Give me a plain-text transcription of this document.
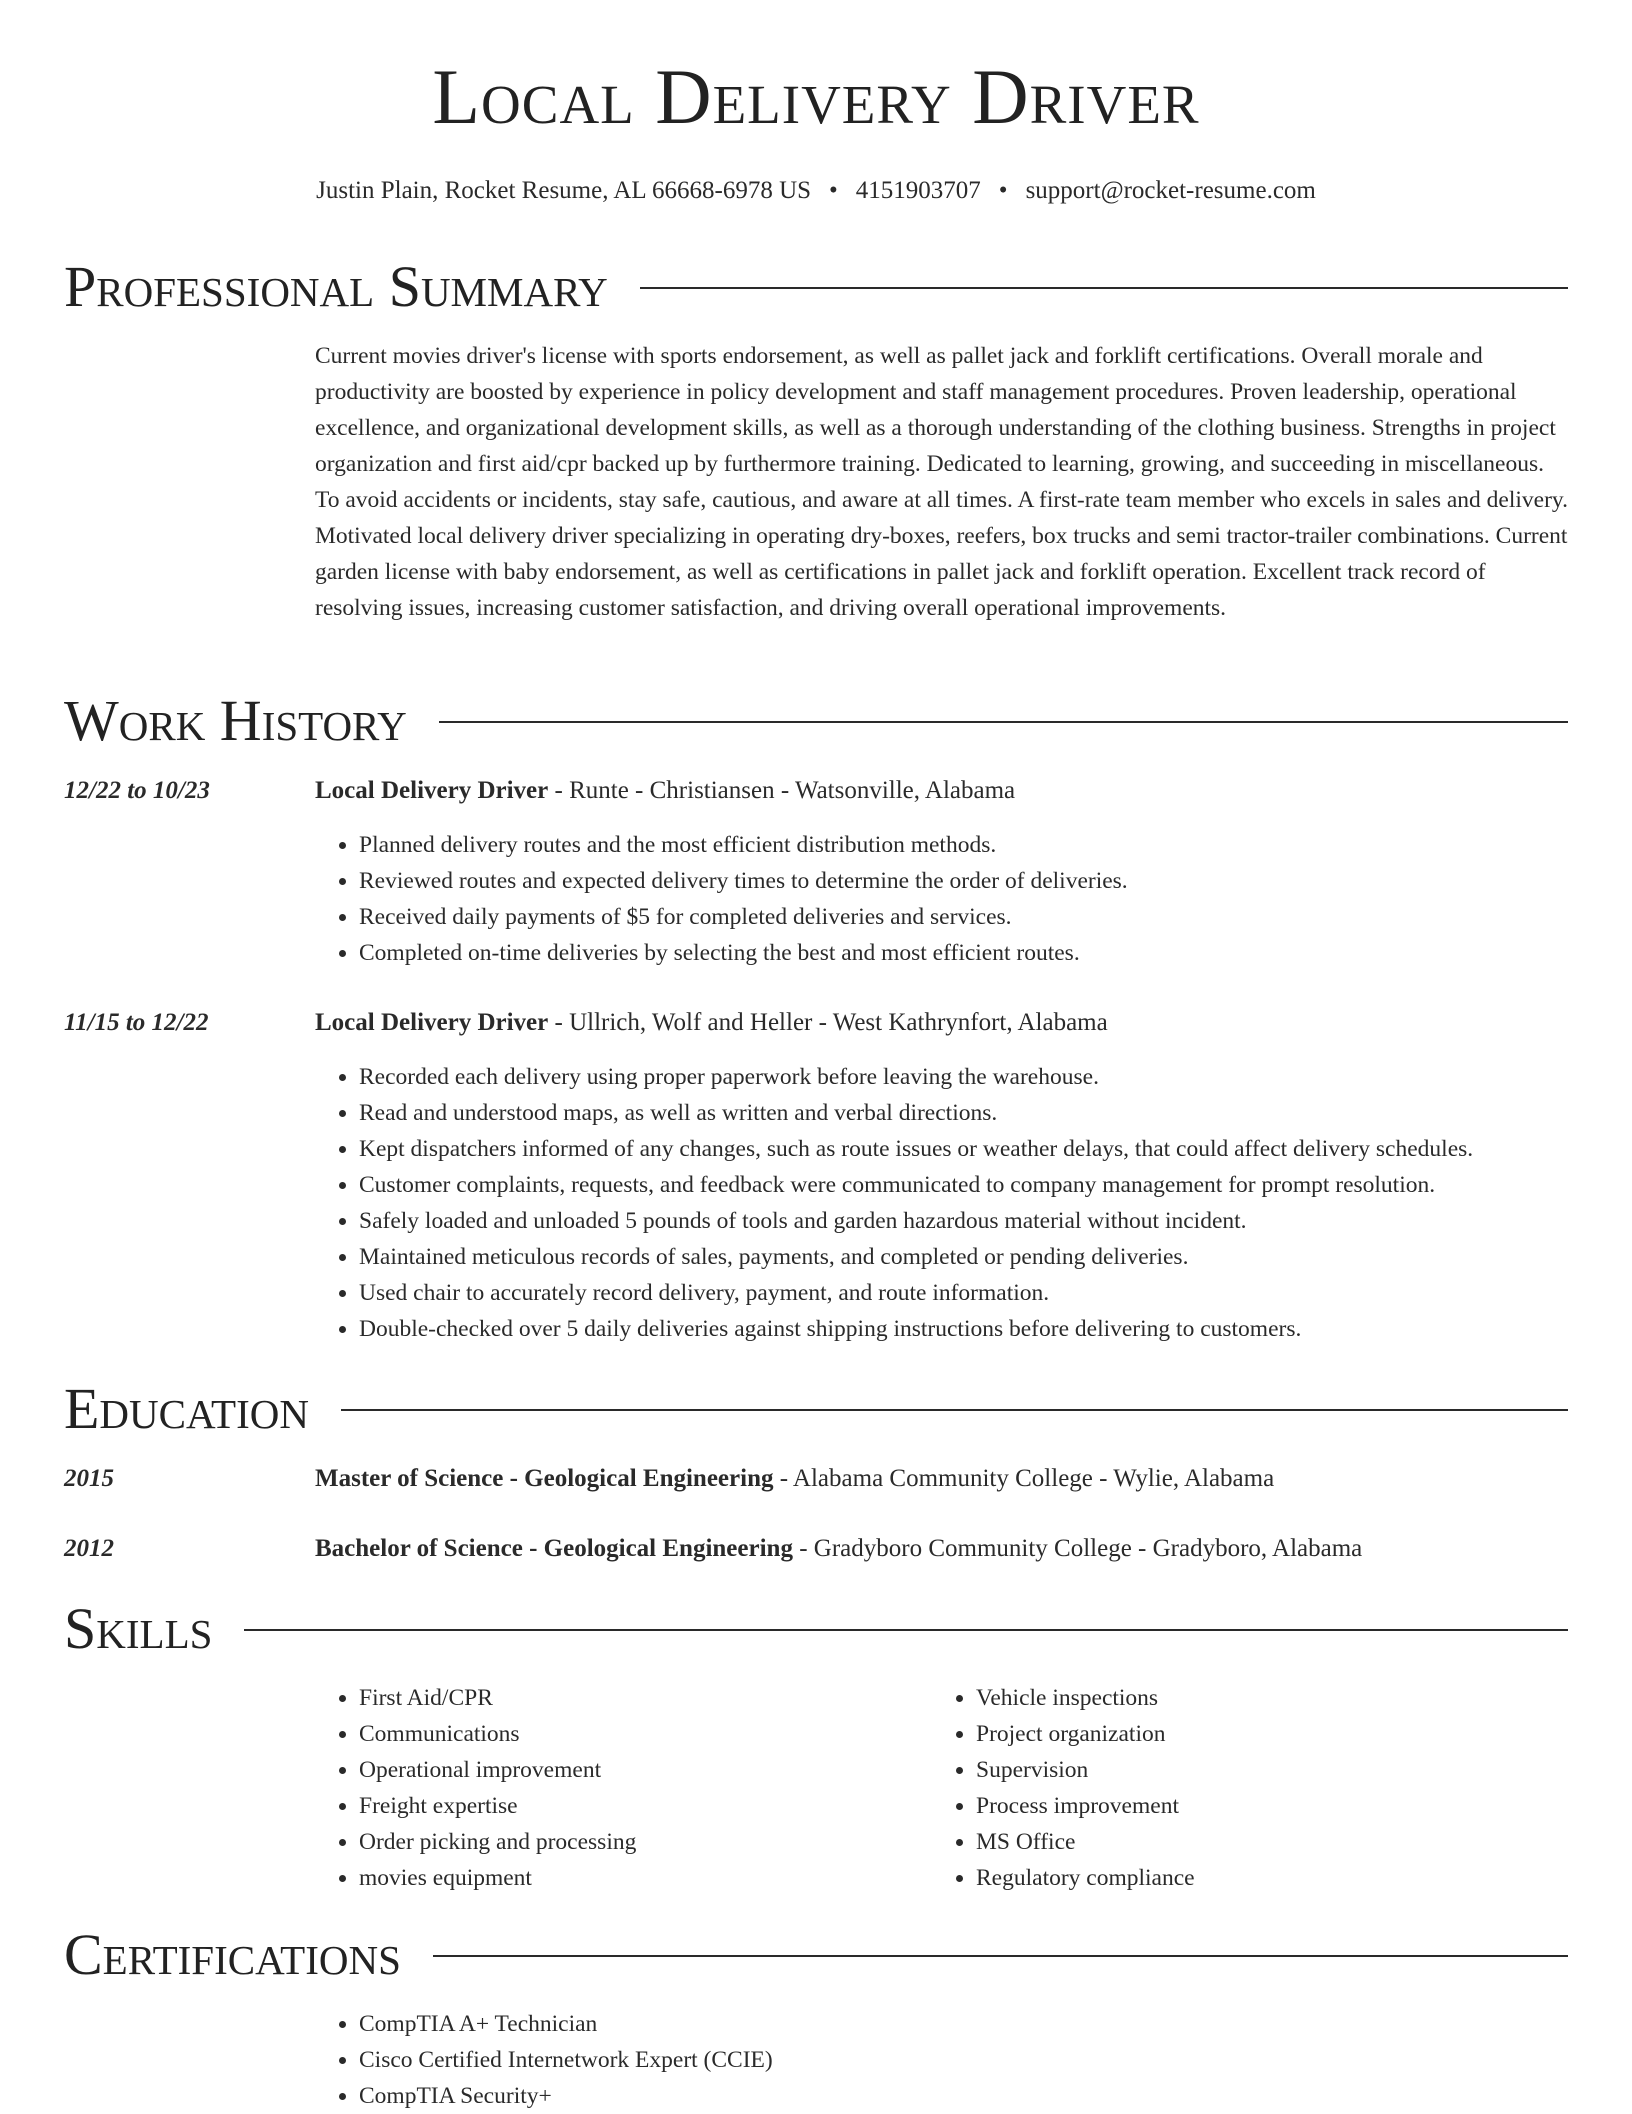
Local Delivery Driver
Justin Plain, Rocket Resume, AL 66668-6978 US • 4151903707 • support@rocket-resume.com
Professional Summary

Current movies driver's license with sports endorsement, as well as pallet jack and forklift certifications. Overall morale and productivity are boosted by experience in policy development and staff management procedures. Proven leadership, operational excellence, and organizational development skills, as well as a thorough understanding of the clothing business. Strengths in project organization and first aid/cpr backed up by furthermore training. Dedicated to learning, growing, and succeeding in miscellaneous. To avoid accidents or incidents, stay safe, cautious, and aware at all times. A first-rate team member who excels in sales and delivery. Motivated local delivery driver specializing in operating dry-boxes, reefers, box trucks and semi tractor-trailer combinations. Current garden license with baby endorsement, as well as certifications in pallet jack and forklift operation. Excellent track record of resolving issues, increasing customer satisfaction, and driving overall operational improvements.

Work History
12/22 to 10/23	Local Delivery Driver - Runte - Christiansen - Watsonville, Alabama
• Planned delivery routes and the most efficient distribution methods.
• Reviewed routes and expected delivery times to determine the order of deliveries.
• Received daily payments of $5 for completed deliveries and services.
• Completed on-time deliveries by selecting the best and most efficient routes.
11/15 to 12/22	Local Delivery Driver - Ullrich, Wolf and Heller - West Kathrynfort, Alabama
• Recorded each delivery using proper paperwork before leaving the warehouse.
• Read and understood maps, as well as written and verbal directions.
• Kept dispatchers informed of any changes, such as route issues or weather delays, that could affect delivery schedules.
• Customer complaints, requests, and feedback were communicated to company management for prompt resolution.
• Safely loaded and unloaded 5 pounds of tools and garden hazardous material without incident.
• Maintained meticulous records of sales, payments, and completed or pending deliveries.
• Used chair to accurately record delivery, payment, and route information.
• Double-checked over 5 daily deliveries against shipping instructions before delivering to customers.
Education
2015	Master of Science - Geological Engineering - Alabama Community College - Wylie, Alabama
2012	Bachelor of Science - Geological Engineering - Gradyboro Community College - Gradyboro, Alabama
Skills
• First Aid/CPR
• Communications
• Operational improvement
• Freight expertise
• Order picking and processing
• movies equipment
• Vehicle inspections
• Project organization
• Supervision
• Process improvement
• MS Office
• Regulatory compliance
Certifications
• CompTIA A+ Technician
• Cisco Certified Internetwork Expert (CCIE)
• CompTIA Security+
